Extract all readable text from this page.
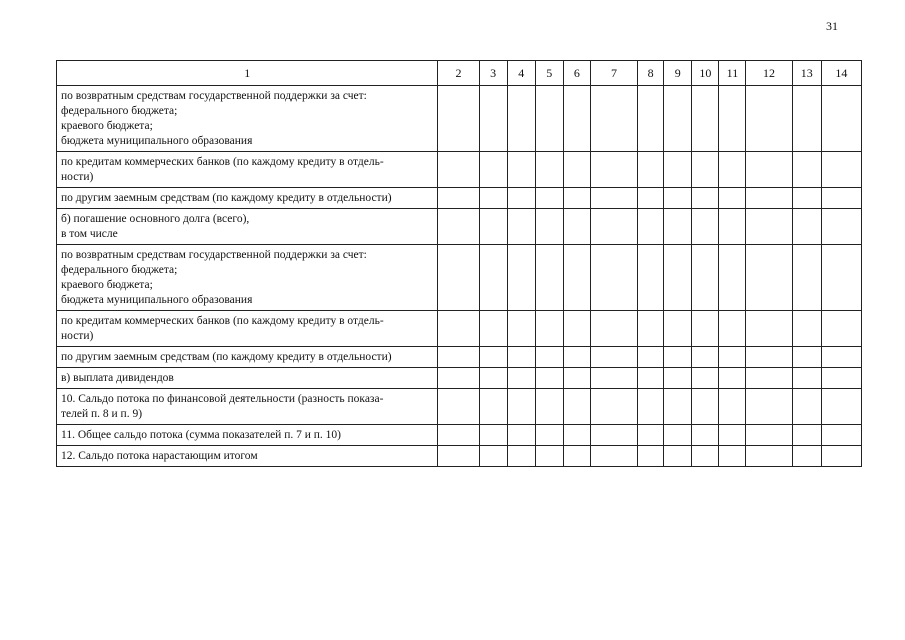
31
1	2	3	4	5	6	7	8	9	10	11	12	13	14

по возвратным средствам государственной поддержки за счет:
федерального бюджета;
краевого бюджета;
бюджета муниципального образования													

по кредитам коммерческих банков (по каждому кредиту в отдель-
ности)													

по другим заемным средствам (по каждому кредиту в отдельности)													

б) погашение основного долга (всего),
в том числе													

по возвратным средствам государственной поддержки за счет:
федерального бюджета;
краевого бюджета;
бюджета муниципального образования													

по кредитам коммерческих банков (по каждому кредиту в отдель-
ности)													

по другим заемным средствам (по каждому кредиту в отдельности)													

в) выплата дивидендов													

10. Сальдо потока по финансовой деятельности (разность показа-
телей п. 8 и п. 9)													

11. Общее сальдо потока (сумма показателей п. 7 и п. 10)													

12. Сальдо потока нарастающим итогом													
